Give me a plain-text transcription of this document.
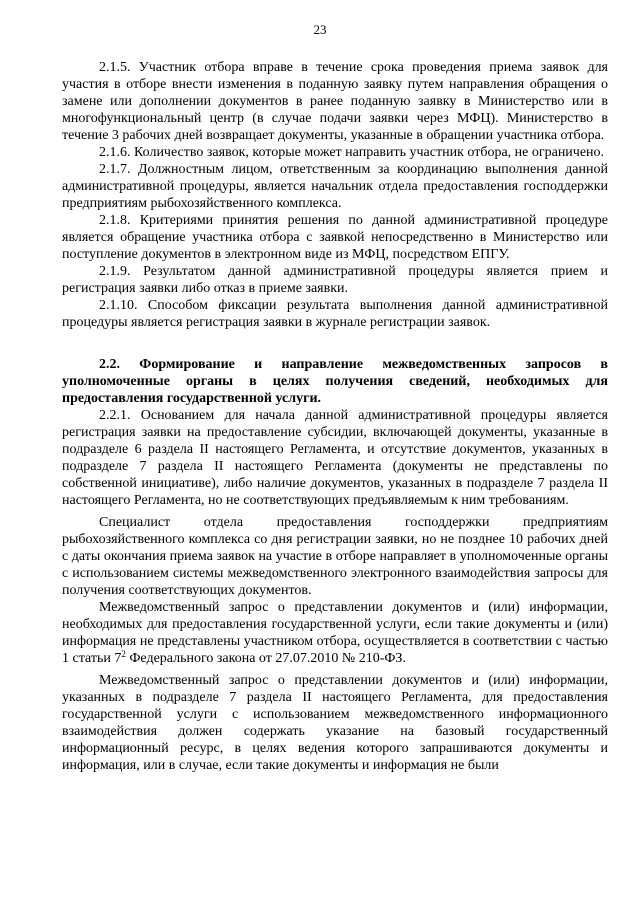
23

2.1.5. Участник отбора вправе в течение срока проведения приема заявок для участия в отборе внести изменения в поданную заявку путем направления обращения о замене или дополнении документов в ранее поданную заявку в Министерство или в многофункциональный центр (в случае подачи заявки через МФЦ). Министерство в течение 3 рабочих дней возвращает документы, указанные в обращении участника отбора.

2.1.6. Количество заявок, которые может направить участник отбора, не ограничено.

2.1.7. Должностным лицом, ответственным за координацию выполнения данной административной процедуры, является начальник отдела предоставления господдержки предприятиям рыбохозяйственного комплекса.

2.1.8. Критериями принятия решения по данной административной процедуре является обращение участника отбора с заявкой непосредственно в Министерство или поступление документов в электронном виде из МФЦ, посредством ЕПГУ.

2.1.9. Результатом данной административной процедуры является прием и регистрация заявки либо отказ в приеме заявки.

2.1.10. Способом фиксации результата выполнения данной административной процедуры является регистрация заявки в журнале регистрации заявок.

2.2. Формирование и направление межведомственных запросов в уполномоченные органы в целях получения сведений, необходимых для предоставления государственной услуги.

2.2.1. Основанием для начала данной административной процедуры является регистрация заявки на предоставление субсидии, включающей документы, указанные в подразделе 6 раздела II настоящего Регламента, и отсутствие документов, указанных в подразделе 7 раздела II настоящего Регламента (документы не представлены по собственной инициативе), либо наличие документов, указанных в подразделе 7 раздела II настоящего Регламента, но не соответствующих предъявляемым к ним требованиям.

Специалист отдела предоставления господдержки предприятиям рыбохозяйственного комплекса со дня регистрации заявки, но не позднее 10 рабочих дней с даты окончания приема заявок на участие в отборе направляет в уполномоченные органы с использованием системы межведомственного электронного взаимодействия запросы для получения соответствующих документов.

Межведомственный запрос о представлении документов и (или) информации, необходимых для предоставления государственной услуги, если такие документы и (или) информация не представлены участником отбора, осуществляется в соответствии с частью 1 статьи $7^2$ Федерального закона от 27.07.2010 № 210-ФЗ.

Межведомственный запрос о представлении документов и (или) информации, указанных в подразделе 7 раздела II настоящего Регламента, для предоставления государственной услуги с использованием межведомственного информационного взаимодействия должен содержать указание на базовый государственный информационный ресурс, в целях ведения которого запрашиваются документы и информация, или в случае, если такие документы и информация не были
